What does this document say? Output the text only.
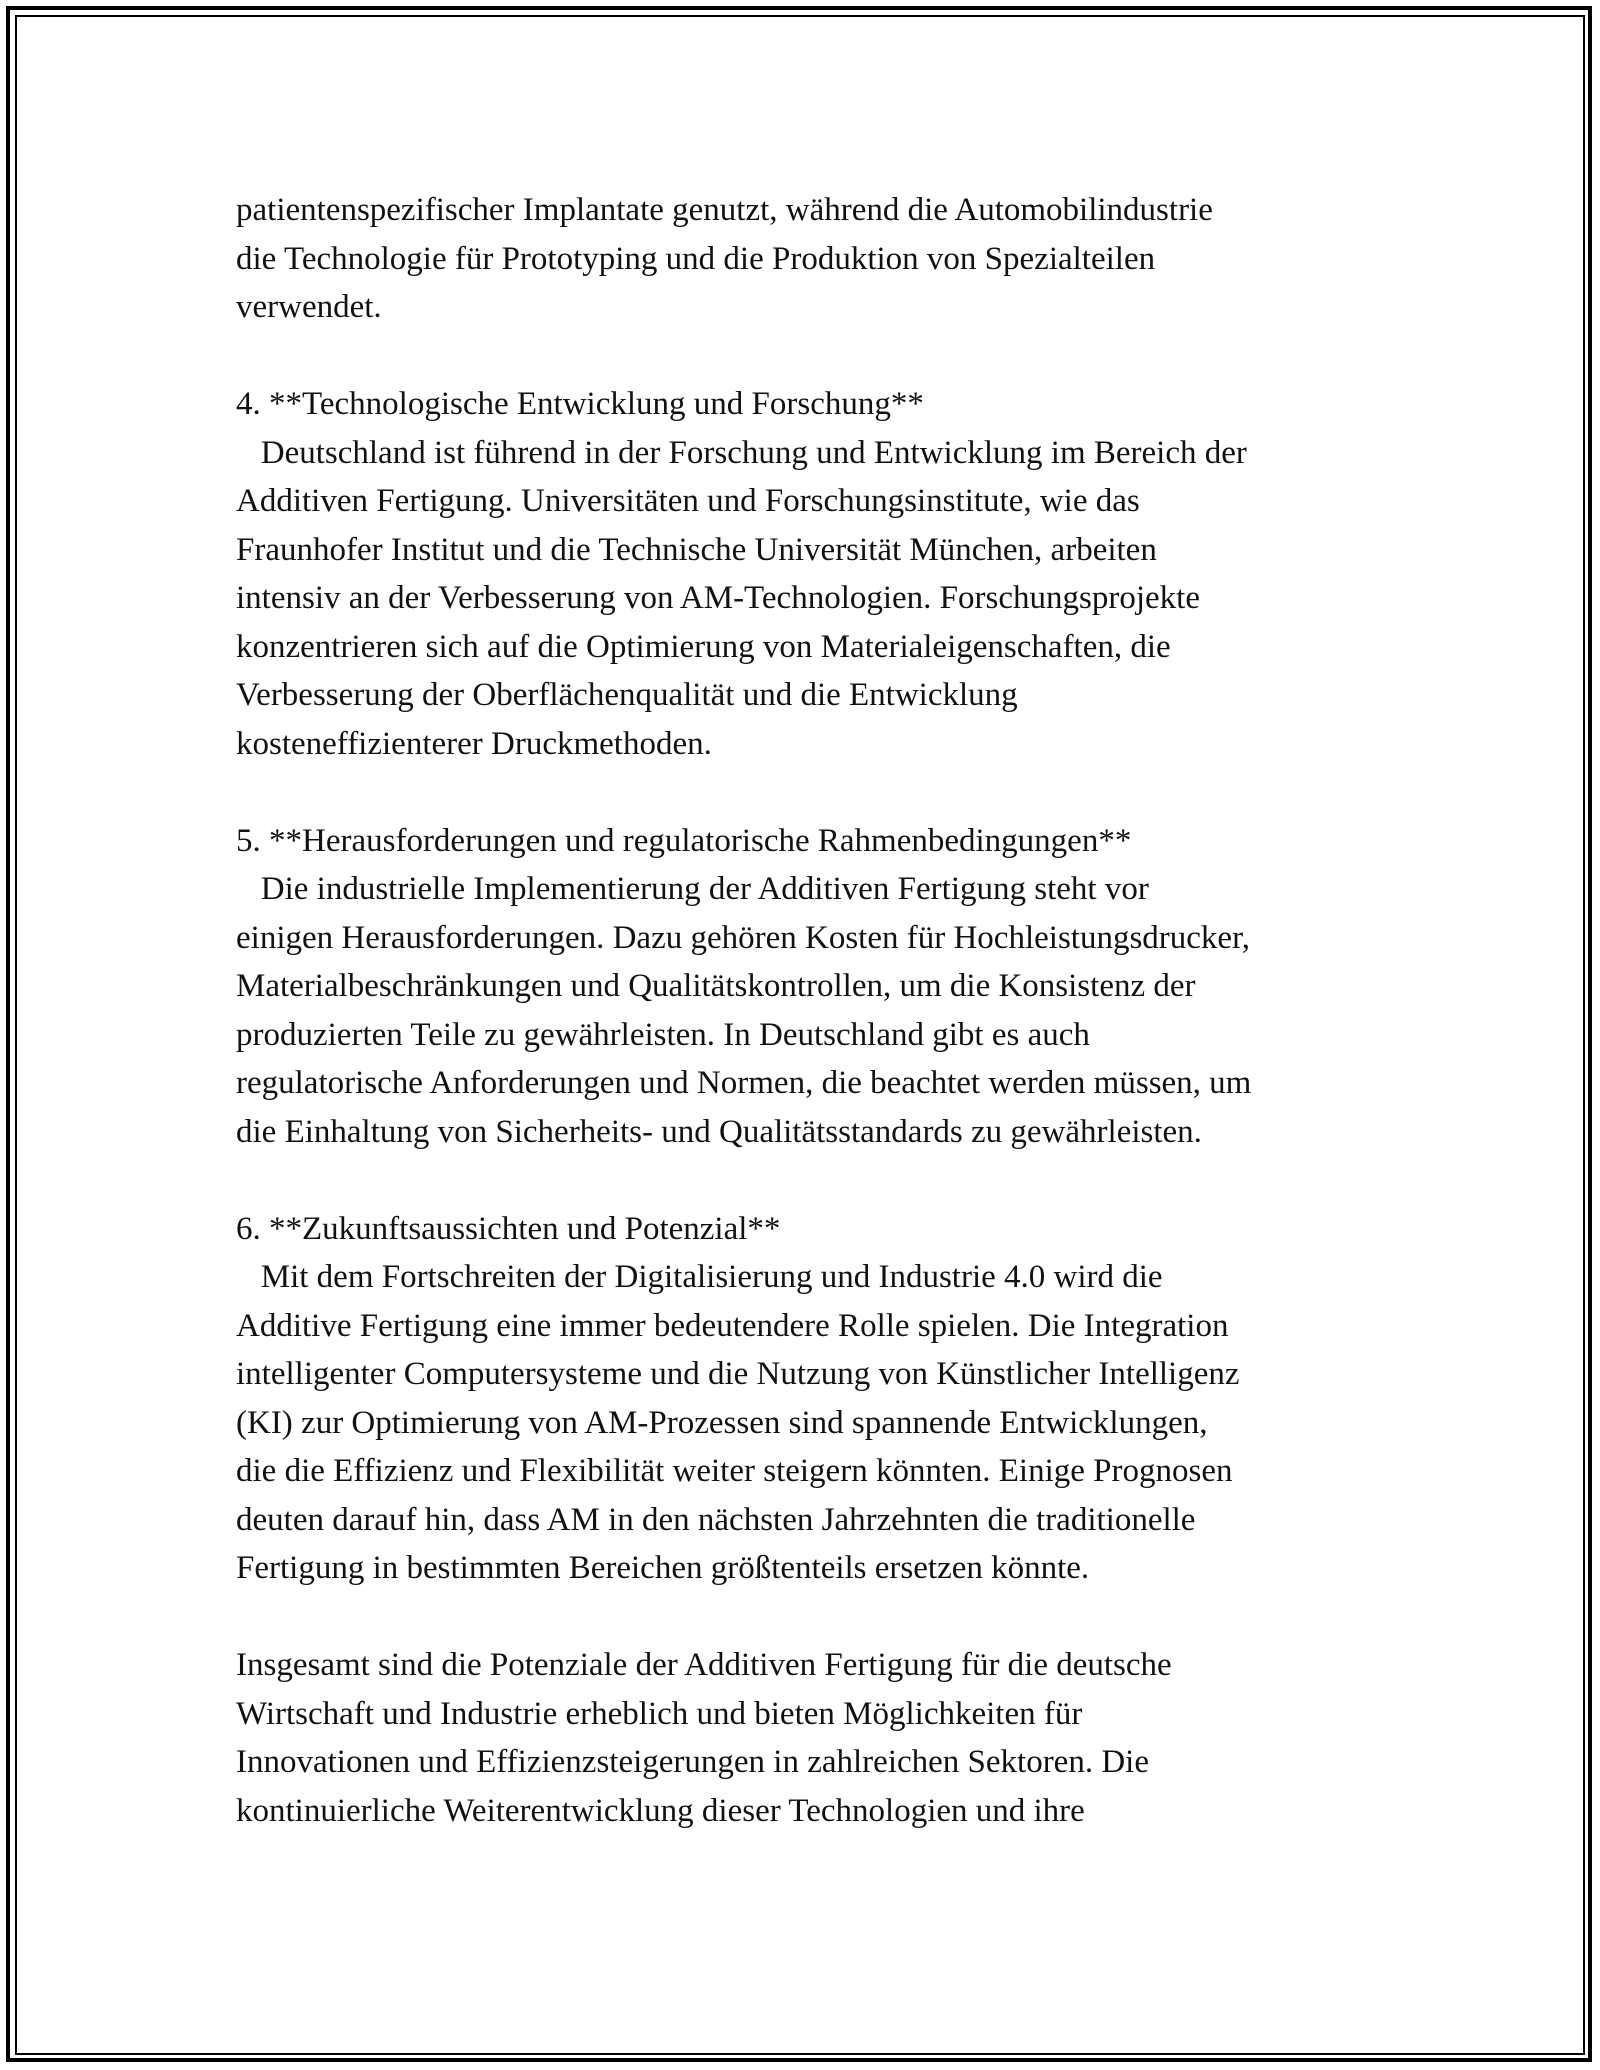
patientenspezifischer Implantate genutzt, während die Automobilindustrie
die Technologie für Prototyping und die Produktion von Spezialteilen
verwendet.
4. **Technologische Entwicklung und Forschung**
Deutschland ist führend in der Forschung und Entwicklung im Bereich der
Additiven Fertigung. Universitäten und Forschungsinstitute, wie das
Fraunhofer Institut und die Technische Universität München, arbeiten
intensiv an der Verbesserung von AM-Technologien. Forschungsprojekte
konzentrieren sich auf die Optimierung von Materialeigenschaften, die
Verbesserung der Oberflächenqualität und die Entwicklung
kosteneffizienterer Druckmethoden.
5. **Herausforderungen und regulatorische Rahmenbedingungen**
Die industrielle Implementierung der Additiven Fertigung steht vor
einigen Herausforderungen. Dazu gehören Kosten für Hochleistungsdrucker,
Materialbeschränkungen und Qualitätskontrollen, um die Konsistenz der
produzierten Teile zu gewährleisten. In Deutschland gibt es auch
regulatorische Anforderungen und Normen, die beachtet werden müssen, um
die Einhaltung von Sicherheits- und Qualitätsstandards zu gewährleisten.
6. **Zukunftsaussichten und Potenzial**
Mit dem Fortschreiten der Digitalisierung und Industrie 4.0 wird die
Additive Fertigung eine immer bedeutendere Rolle spielen. Die Integration
intelligenter Computersysteme und die Nutzung von Künstlicher Intelligenz
(KI) zur Optimierung von AM-Prozessen sind spannende Entwicklungen,
die die Effizienz und Flexibilität weiter steigern könnten. Einige Prognosen
deuten darauf hin, dass AM in den nächsten Jahrzehnten die traditionelle
Fertigung in bestimmten Bereichen größtenteils ersetzen könnte.
Insgesamt sind die Potenziale der Additiven Fertigung für die deutsche
Wirtschaft und Industrie erheblich und bieten Möglichkeiten für
Innovationen und Effizienzsteigerungen in zahlreichen Sektoren. Die
kontinuierliche Weiterentwicklung dieser Technologien und ihre
